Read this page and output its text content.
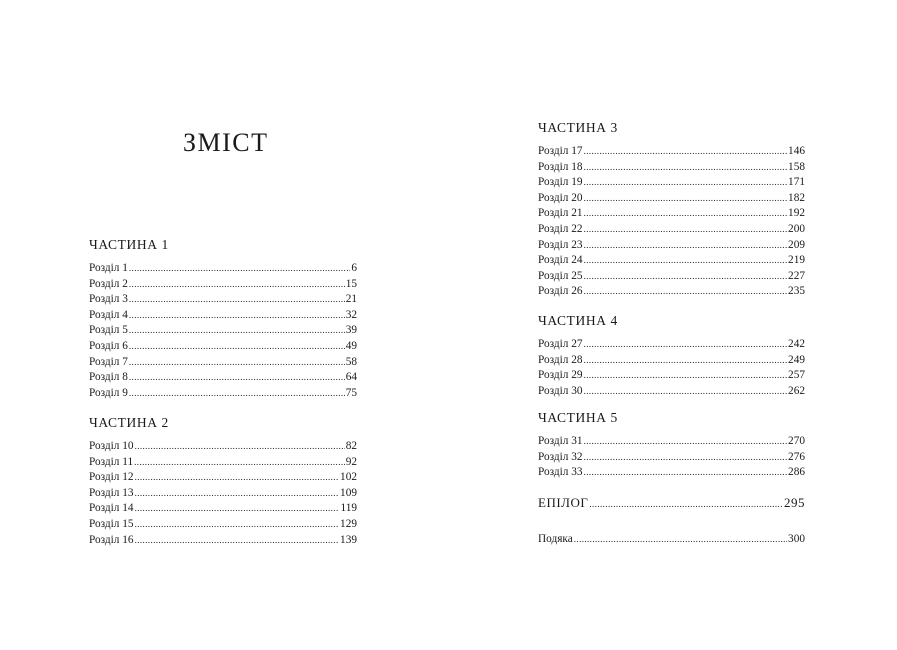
ЗМІСТ
ЧАСТИНА 1
Розділ 1 .....	6
Розділ 2 .....	15
Розділ 3 .....	21
Розділ 4 .....	32
Розділ 5 .....	39
Розділ 6 .....	49
Розділ 7 .....	58
Розділ 8 .....	64
Розділ 9 .....	75
ЧАСТИНА 2
Розділ 10 .....	82
Розділ 11 .....	92
Розділ 12 .....	102
Розділ 13 .....	109
Розділ 14 .....	119
Розділ 15 .....	129
Розділ 16 .....	139
ЧАСТИНА 3
Розділ 17 .....	146
Розділ 18 .....	158
Розділ 19 .....	171
Розділ 20 .....	182
Розділ 21 .....	192
Розділ 22 .....	200
Розділ 23 .....	209
Розділ 24 .....	219
Розділ 25 .....	227
Розділ 26 .....	235
ЧАСТИНА 4
Розділ 27 .....	242
Розділ 28 .....	249
Розділ 29 .....	257
Розділ 30 .....	262
ЧАСТИНА 5
Розділ 31 .....	270
Розділ 32 .....	276
Розділ 33 .....	286
ЕПІЛОГ .....	295
Подяка .....	300
